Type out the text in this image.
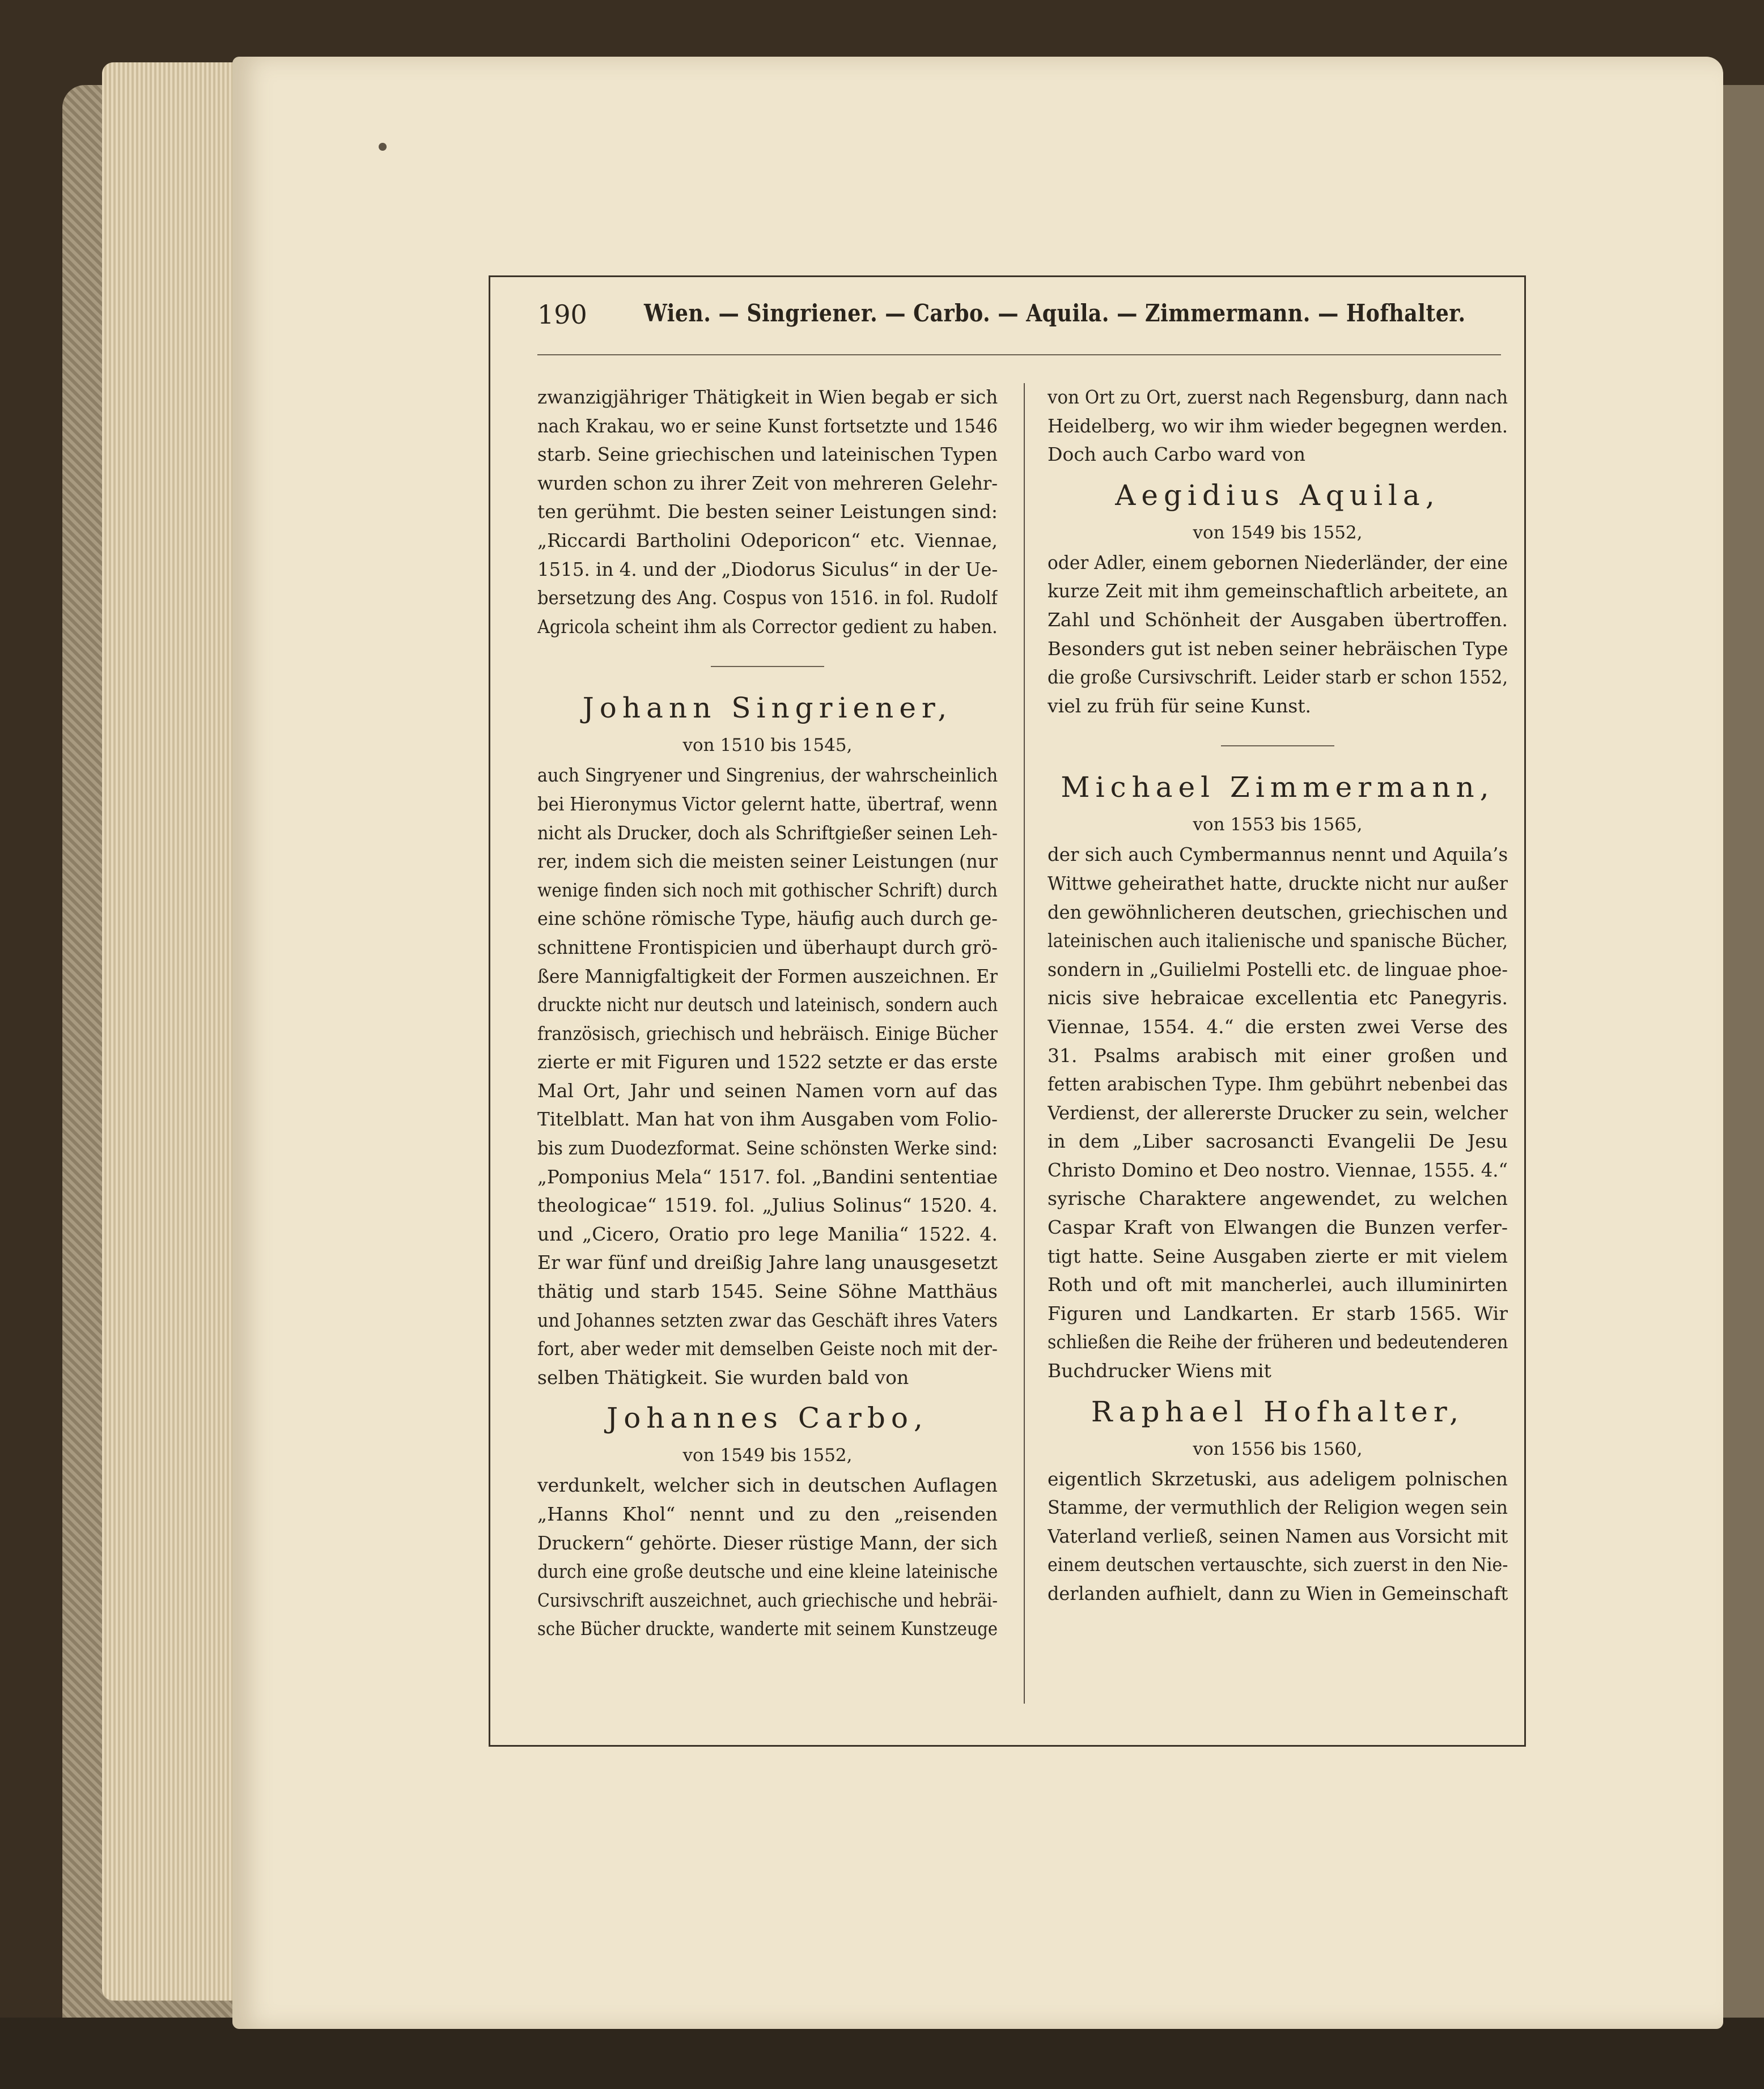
190 Wien. — Singriener. — Carbo. — Aquila. — Zimmermann. — Hofhalter.
zwanzigjähriger Thätigkeit in Wien begab er sich
nach Krakau, wo er seine Kunst fortsetzte und 1546
starb. Seine griechischen und lateinischen Typen
wurden schon zu ihrer Zeit von mehreren Gelehr-
ten gerühmt. Die besten seiner Leistungen sind:
„Riccardi Bartholini Odeporicon“ etc. Viennae,
1515. in 4. und der „Diodorus Siculus“ in der Ue-
bersetzung des Ang. Cospus von 1516. in fol. Rudolf
Agricola scheint ihm als Corrector gedient zu haben.
Johann Singriener,
von 1510 bis 1545,
auch Singryener und Singrenius, der wahrscheinlich
bei Hieronymus Victor gelernt hatte, übertraf, wenn
nicht als Drucker, doch als Schriftgießer seinen Leh-
rer, indem sich die meisten seiner Leistungen (nur
wenige finden sich noch mit gothischer Schrift) durch
eine schöne römische Type, häufig auch durch ge-
schnittene Frontispicien und überhaupt durch grö-
ßere Mannigfaltigkeit der Formen auszeichnen. Er
druckte nicht nur deutsch und lateinisch, sondern auch
französisch, griechisch und hebräisch. Einige Bücher
zierte er mit Figuren und 1522 setzte er das erste
Mal Ort, Jahr und seinen Namen vorn auf das
Titelblatt. Man hat von ihm Ausgaben vom Folio-
bis zum Duodezformat. Seine schönsten Werke sind:
„Pomponius Mela“ 1517. fol. „Bandini sententiae
theologicae“ 1519. fol. „Julius Solinus“ 1520. 4.
und „Cicero, Oratio pro lege Manilia“ 1522. 4.
Er war fünf und dreißig Jahre lang unausgesetzt
thätig und starb 1545. Seine Söhne Matthäus
und Johannes setzten zwar das Geschäft ihres Vaters
fort, aber weder mit demselben Geiste noch mit der-
selben Thätigkeit. Sie wurden bald von
Johannes Carbo,
von 1549 bis 1552,
verdunkelt, welcher sich in deutschen Auflagen
„Hanns Khol“ nennt und zu den „reisenden
Druckern“ gehörte. Dieser rüstige Mann, der sich
durch eine große deutsche und eine kleine lateinische
Cursivschrift auszeichnet, auch griechische und hebräi-
sche Bücher druckte, wanderte mit seinem Kunstzeuge
von Ort zu Ort, zuerst nach Regensburg, dann nach
Heidelberg, wo wir ihm wieder begegnen werden.
Doch auch Carbo ward von
Aegidius Aquila,
von 1549 bis 1552,
oder Adler, einem gebornen Niederländer, der eine
kurze Zeit mit ihm gemeinschaftlich arbeitete, an
Zahl und Schönheit der Ausgaben übertroffen.
Besonders gut ist neben seiner hebräischen Type
die große Cursivschrift. Leider starb er schon 1552,
viel zu früh für seine Kunst.
Michael Zimmermann,
von 1553 bis 1565,
der sich auch Cymbermannus nennt und Aquila’s
Wittwe geheirathet hatte, druckte nicht nur außer
den gewöhnlicheren deutschen, griechischen und
lateinischen auch italienische und spanische Bücher,
sondern in „Guilielmi Postelli etc. de linguae phoe-
nicis sive hebraicae excellentia etc Panegyris.
Viennae, 1554. 4.“ die ersten zwei Verse des
31. Psalms arabisch mit einer großen und
fetten arabischen Type. Ihm gebührt nebenbei das
Verdienst, der allererste Drucker zu sein, welcher
in dem „Liber sacrosancti Evangelii De Jesu
Christo Domino et Deo nostro. Viennae, 1555. 4.“
syrische Charaktere angewendet, zu welchen
Caspar Kraft von Elwangen die Bunzen verfer-
tigt hatte. Seine Ausgaben zierte er mit vielem
Roth und oft mit mancherlei, auch illuminirten
Figuren und Landkarten. Er starb 1565. Wir
schließen die Reihe der früheren und bedeutenderen
Buchdrucker Wiens mit
Raphael Hofhalter,
von 1556 bis 1560,
eigentlich Skrzetuski, aus adeligem polnischen
Stamme, der vermuthlich der Religion wegen sein
Vaterland verließ, seinen Namen aus Vorsicht mit
einem deutschen vertauschte, sich zuerst in den Nie-
derlanden aufhielt, dann zu Wien in Gemeinschaft
